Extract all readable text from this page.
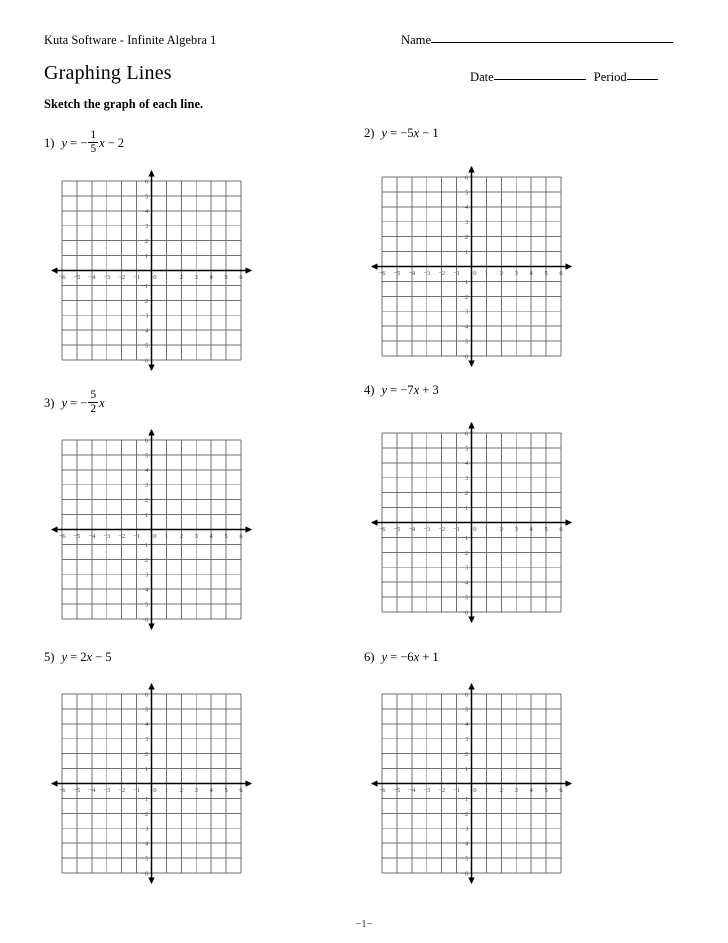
Kuta Software - Infinite Algebra 1
Graphing Lines
Name
Date	Period
Sketch the graph of each line.
1) y = − $\frac{1}{5}$ x − 2
−6 −5 −4 −3 −2 −1	1 2 3 4 5 6
0
−6
−5
−4
−3
−2
−1
1
2
3
4
5
6
2) y = −5 x − 1
−6 −5 −4 −3 −2 −1	1 2 3 4 5 6
0
−6
−5
−4
−3
−2
−1
1
2
3
4
5
6
3) y = − $\frac{5}{2}$ x
−6 −5 −4 −3 −2 −1	1 2 3 4 5 6
0
−6
−5
−4
−3
−2
−1
1
2
3
4
5
6
4) y = −7 x + 3
−6 −5 −4 −3 −2 −1	1 2 3 4 5 6
0
−6
−5
−4
−3
−2
−1
1
2
3
4
5
6
5) y = 2 x − 5
−6 −5 −4 −3 −2 −1	1 2 3 4 5 6
0
−6
−5
−4
−3
−2
−1
1
2
3
4
5
6
6) y = −6 x + 1
−6 −5 −4 −3 −2 −1	1 2 3 4 5 6
0
−6
−5
−4
−3
−2
−1
1
2
3
4
5
6
−1−
